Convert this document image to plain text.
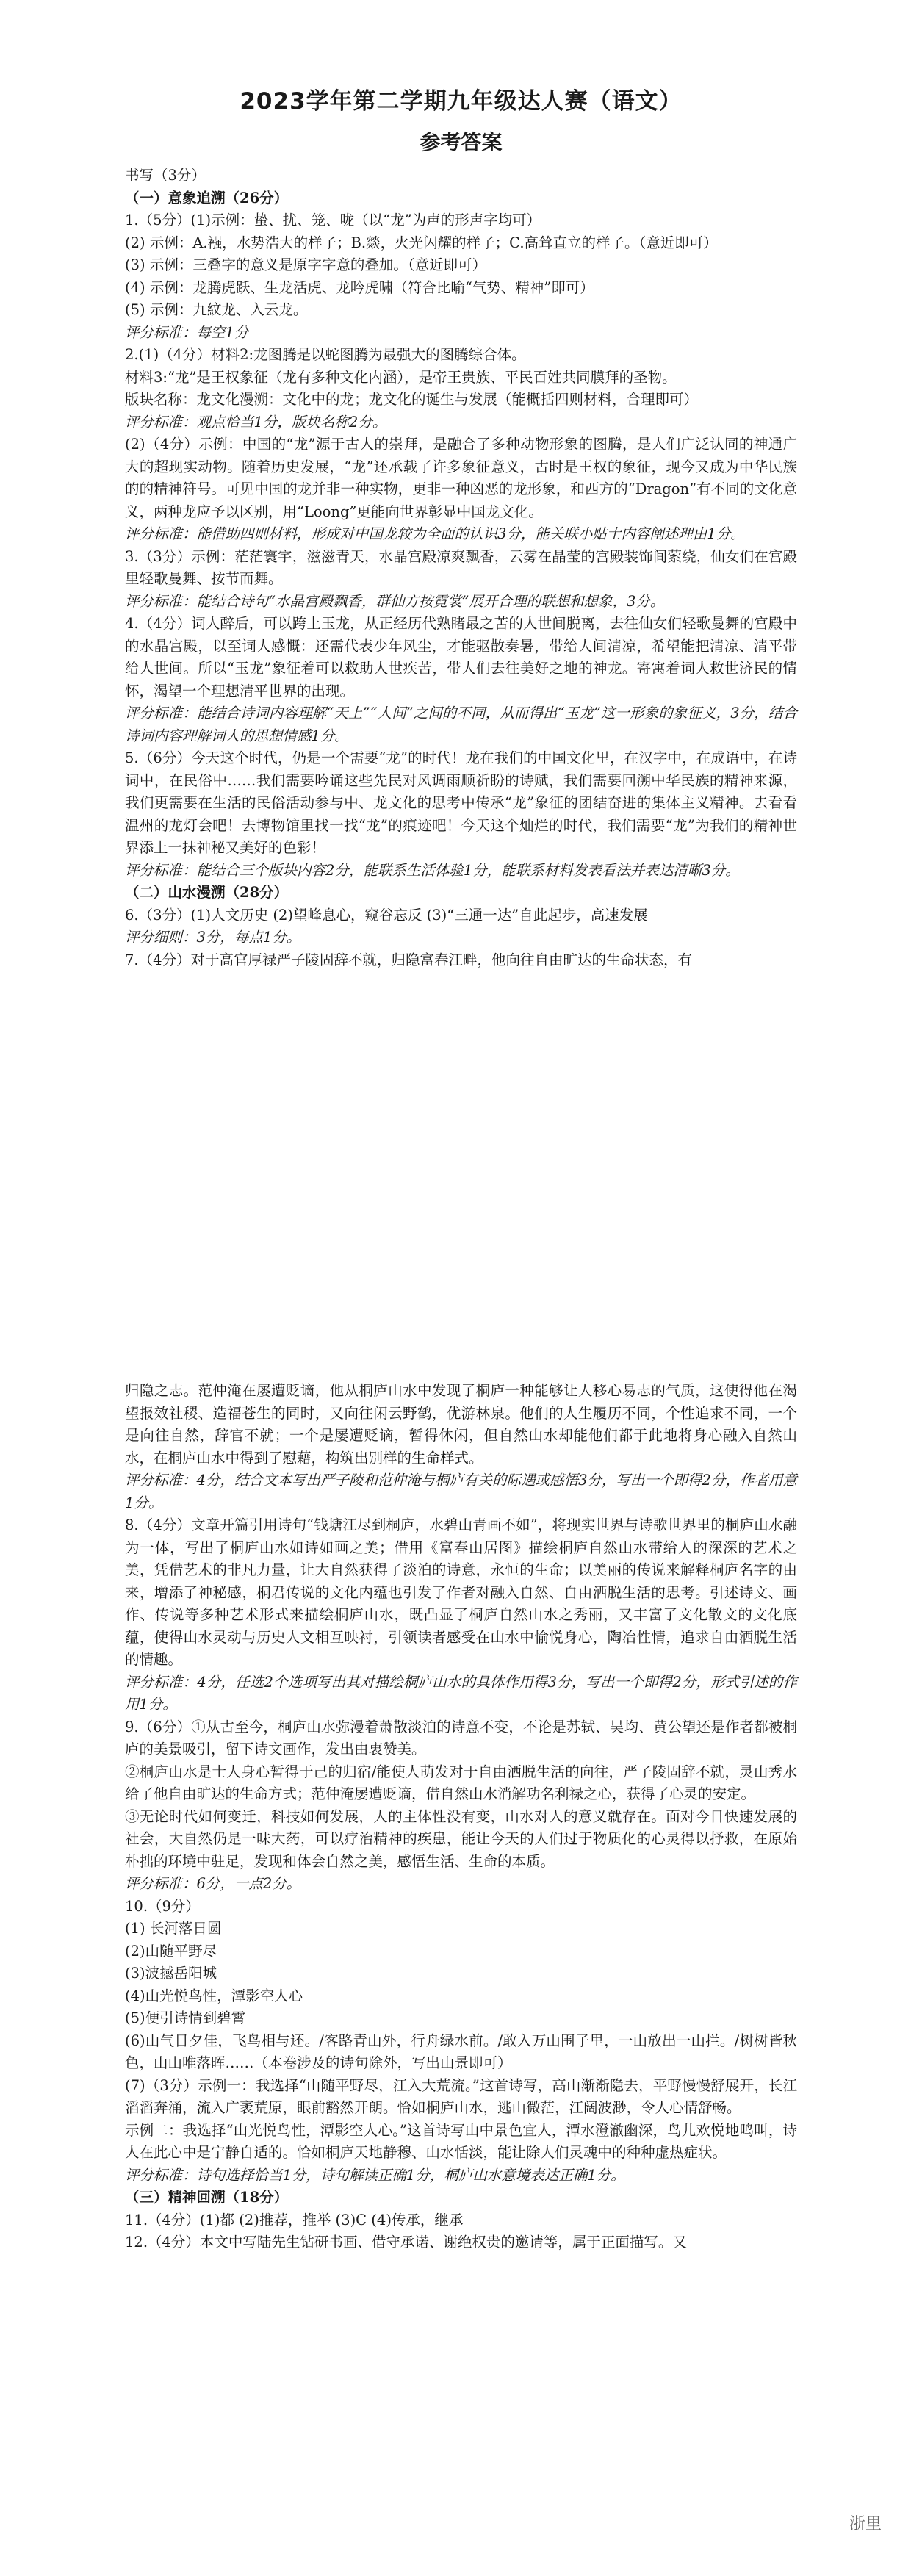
2023学年第二学期九年级达人赛（语文）
参考答案

书写（3分）

（一）意象追溯（26分）

1.（5分）(1)示例：蛰、扰、笼、咙（以“龙”为声的形声字均可）

(2) 示例：A.襁，水势浩大的样子；B.燚，火光闪耀的样子；C.高耸直立的样子。（意近即可）

(3) 示例：三叠字的意义是原字字意的叠加。（意近即可）

(4) 示例：龙腾虎跃、生龙活虎、龙吟虎啸（符合比喻“气势、精神”即可）

(5) 示例：九紋龙、入云龙。

评分标准：每空1分

2.(1)（4分）材料2:龙图腾是以蛇图腾为最强大的图腾综合体。

材料3:“龙”是王权象征（龙有多种文化内涵），是帝王贵族、平民百姓共同膜拜的圣物。

版块名称：龙文化漫溯：文化中的龙；龙文化的诞生与发展（能概括四则材料，合理即可）

评分标准：观点恰当1分，版块名称2分。

(2)（4分）示例：中国的“龙”源于古人的崇拜，是融合了多种动物形象的图腾，是人们广泛认同的神通广大的超现实动物。随着历史发展，“龙”还承载了许多象征意义，古时是王权的象征，现今又成为中华民族的的精神符号。可见中国的龙并非一种实物，更非一种凶恶的龙形象，和西方的“Dragon”有不同的文化意义，两种龙应予以区别，用“Loong”更能向世界彰显中国龙文化。

评分标准：能借助四则材料，形成对中国龙较为全面的认识3分，能关联小贴士内容阐述理由1分。

3.（3分）示例：茫茫寰宇，滋滋青天，水晶宫殿凉爽飘香，云雾在晶莹的宫殿装饰间萦绕，仙女们在宫殿里轻歌曼舞、按节而舞。

评分标准：能结合诗句“水晶宫殿飘香，群仙方按霓裳”展开合理的联想和想象，3分。

4.（4分）词人醉后，可以跨上玉龙，从正经历代熟睹最之苦的人世间脱离，去往仙女们轻歌曼舞的宫殿中的水晶宫殿，以至词人感慨：还需代表少年风尘，才能驱散奏暑，带给人间清凉，希望能把清凉、清平带给人世间。所以“玉龙”象征着可以救助人世疾苦，带人们去往美好之地的神龙。寄寓着词人救世济民的情怀，渴望一个理想清平世界的出现。

评分标准：能结合诗词内容理解“天上”“人间”之间的不同，从而得出“玉龙”这一形象的象征义，3分，结合诗词内容理解词人的思想情感1分。

5.（6分）今天这个时代，仍是一个需要“龙”的时代！龙在我们的中国文化里，在汉字中，在成语中，在诗词中，在民俗中……我们需要吟诵这些先民对风调雨顺祈盼的诗赋，我们需要回溯中华民族的精神来源，我们更需要在生活的民俗活动参与中、龙文化的思考中传承“龙”象征的团结奋进的集体主义精神。去看看温州的龙灯会吧！去博物馆里找一找“龙”的痕迹吧！今天这个灿烂的时代，我们需要“龙”为我们的精神世界添上一抹神秘又美好的色彩！

评分标准：能结合三个版块内容2分，能联系生活体验1分，能联系材料发表看法并表达清晰3分。

（二）山水漫溯（28分）

6.（3分）(1)人文历史 (2)望峰息心，窥谷忘反 (3)“三通一达”自此起步，高速发展

评分细则：3分，每点1分。

7.（4分）对于高官厚禄严子陵固辞不就，归隐富春江畔，他向往自由旷达的生命状态，有

归隐之志。范仲淹在屡遭贬谪，他从桐庐山水中发现了桐庐一种能够让人移心易志的气质，这使得他在渴望报效社稷、造福苍生的同时，又向往闲云野鹤，优游林泉。他们的人生履历不同，个性追求不同，一个是向往自然，辞官不就；一个是屡遭贬谪，暂得休闲，但自然山水却能他们都于此地将身心融入自然山水，在桐庐山水中得到了慰藉，构筑出别样的生命样式。

评分标准：4分，结合文本写出严子陵和范仲淹与桐庐有关的际遇或感悟3分，写出一个即得2分，作者用意1分。

8.（4分）文章开篇引用诗句“钱塘江尽到桐庐，水碧山青画不如”，将现实世界与诗歌世界里的桐庐山水融为一体，写出了桐庐山水如诗如画之美；借用《富春山居图》描绘桐庐自然山水带给人的深深的艺术之美，凭借艺术的非凡力量，让大自然获得了淡泊的诗意，永恒的生命；以美丽的传说来解释桐庐名字的由来，增添了神秘感，桐君传说的文化内蕴也引发了作者对融入自然、自由洒脱生活的思考。引述诗文、画作、传说等多种艺术形式来描绘桐庐山水，既凸显了桐庐自然山水之秀丽，又丰富了文化散文的文化底蕴，使得山水灵动与历史人文相互映衬，引领读者感受在山水中愉悦身心，陶冶性情，追求自由洒脱生活的情趣。

评分标准：4分，任选2个选项写出其对描绘桐庐山水的具体作用得3分，写出一个即得2分，形式引述的作用1分。

9.（6分）①从古至今，桐庐山水弥漫着萧散淡泊的诗意不变，不论是苏轼、吴均、黄公望还是作者都被桐庐的美景吸引，留下诗文画作，发出由衷赞美。

②桐庐山水是士人身心暂得于己的归宿/能使人萌发对于自由洒脱生活的向往，严子陵固辞不就，灵山秀水给了他自由旷达的生命方式；范仲淹屡遭贬谪，借自然山水消解功名利禄之心，获得了心灵的安定。

③无论时代如何变迁，科技如何发展，人的主体性没有变，山水对人的意义就存在。面对今日快速发展的社会，大自然仍是一味大药，可以疗治精神的疾患，能让今天的人们过于物质化的心灵得以抒救，在原始朴拙的环境中驻足，发现和体会自然之美，感悟生活、生命的本质。

评分标准：6分，一点2分。

10.（9分）

(1) 长河落日圆

(2)山随平野尽

(3)波撼岳阳城

(4)山光悦鸟性，潭影空人心

(5)便引诗情到碧霄

(6)山气日夕佳，飞鸟相与还。/客路青山外，行舟绿水前。/敢入万山围子里，一山放出一山拦。/树树皆秋色，山山唯落晖……（本卷涉及的诗句除外，写出山景即可）

(7)（3分）示例一：我选择“山随平野尽，江入大荒流。”这首诗写，高山渐渐隐去，平野慢慢舒展开，长江滔滔奔涌，流入广袤荒原，眼前豁然开朗。恰如桐庐山水，逃山微茫，江阔波渺，令人心情舒畅。

示例二：我选择“山光悦鸟性，潭影空人心。”这首诗写山中景色宜人，潭水澄澈幽深，鸟儿欢悦地鸣叫，诗人在此心中是宁静自适的。恰如桐庐天地静穆、山水恬淡，能让除人们灵魂中的种种虚热症状。

评分标准：诗句选择恰当1分，诗句解读正确1分，桐庐山水意境表达正确1分。

（三）精神回溯（18分）

11.（4分）(1)都 (2)推荐，推举 (3)C (4)传承，继承

12.（4分）本文中写陆先生钻研书画、借守承诺、谢绝权贵的邀请等，属于正面描写。又

浙里
